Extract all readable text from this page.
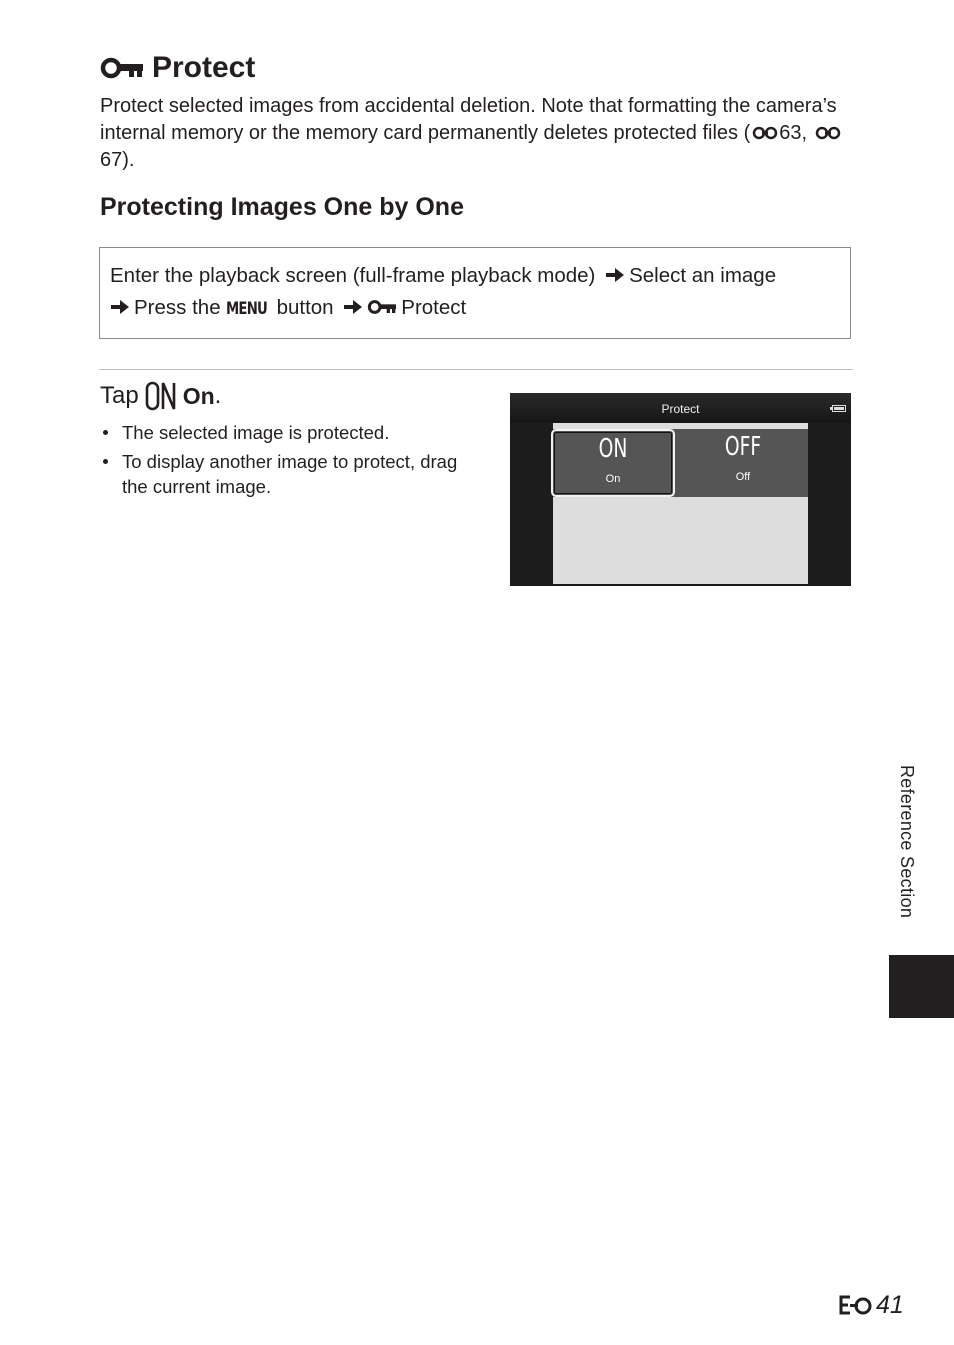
Protect
Protect selected images from accidental deletion. Note that formatting the camera’s internal memory or the memory card permanently deletes protected files ( 63, 67).
Protecting Images One by One
Enter the playback screen (full-frame playback mode) Select an image
Press the MENU button	Protect
Tap On .
The selected image is protected.
To display another image to protect, drag the current image.
Protect
ON
On
OFF
Off
Reference Section
41
